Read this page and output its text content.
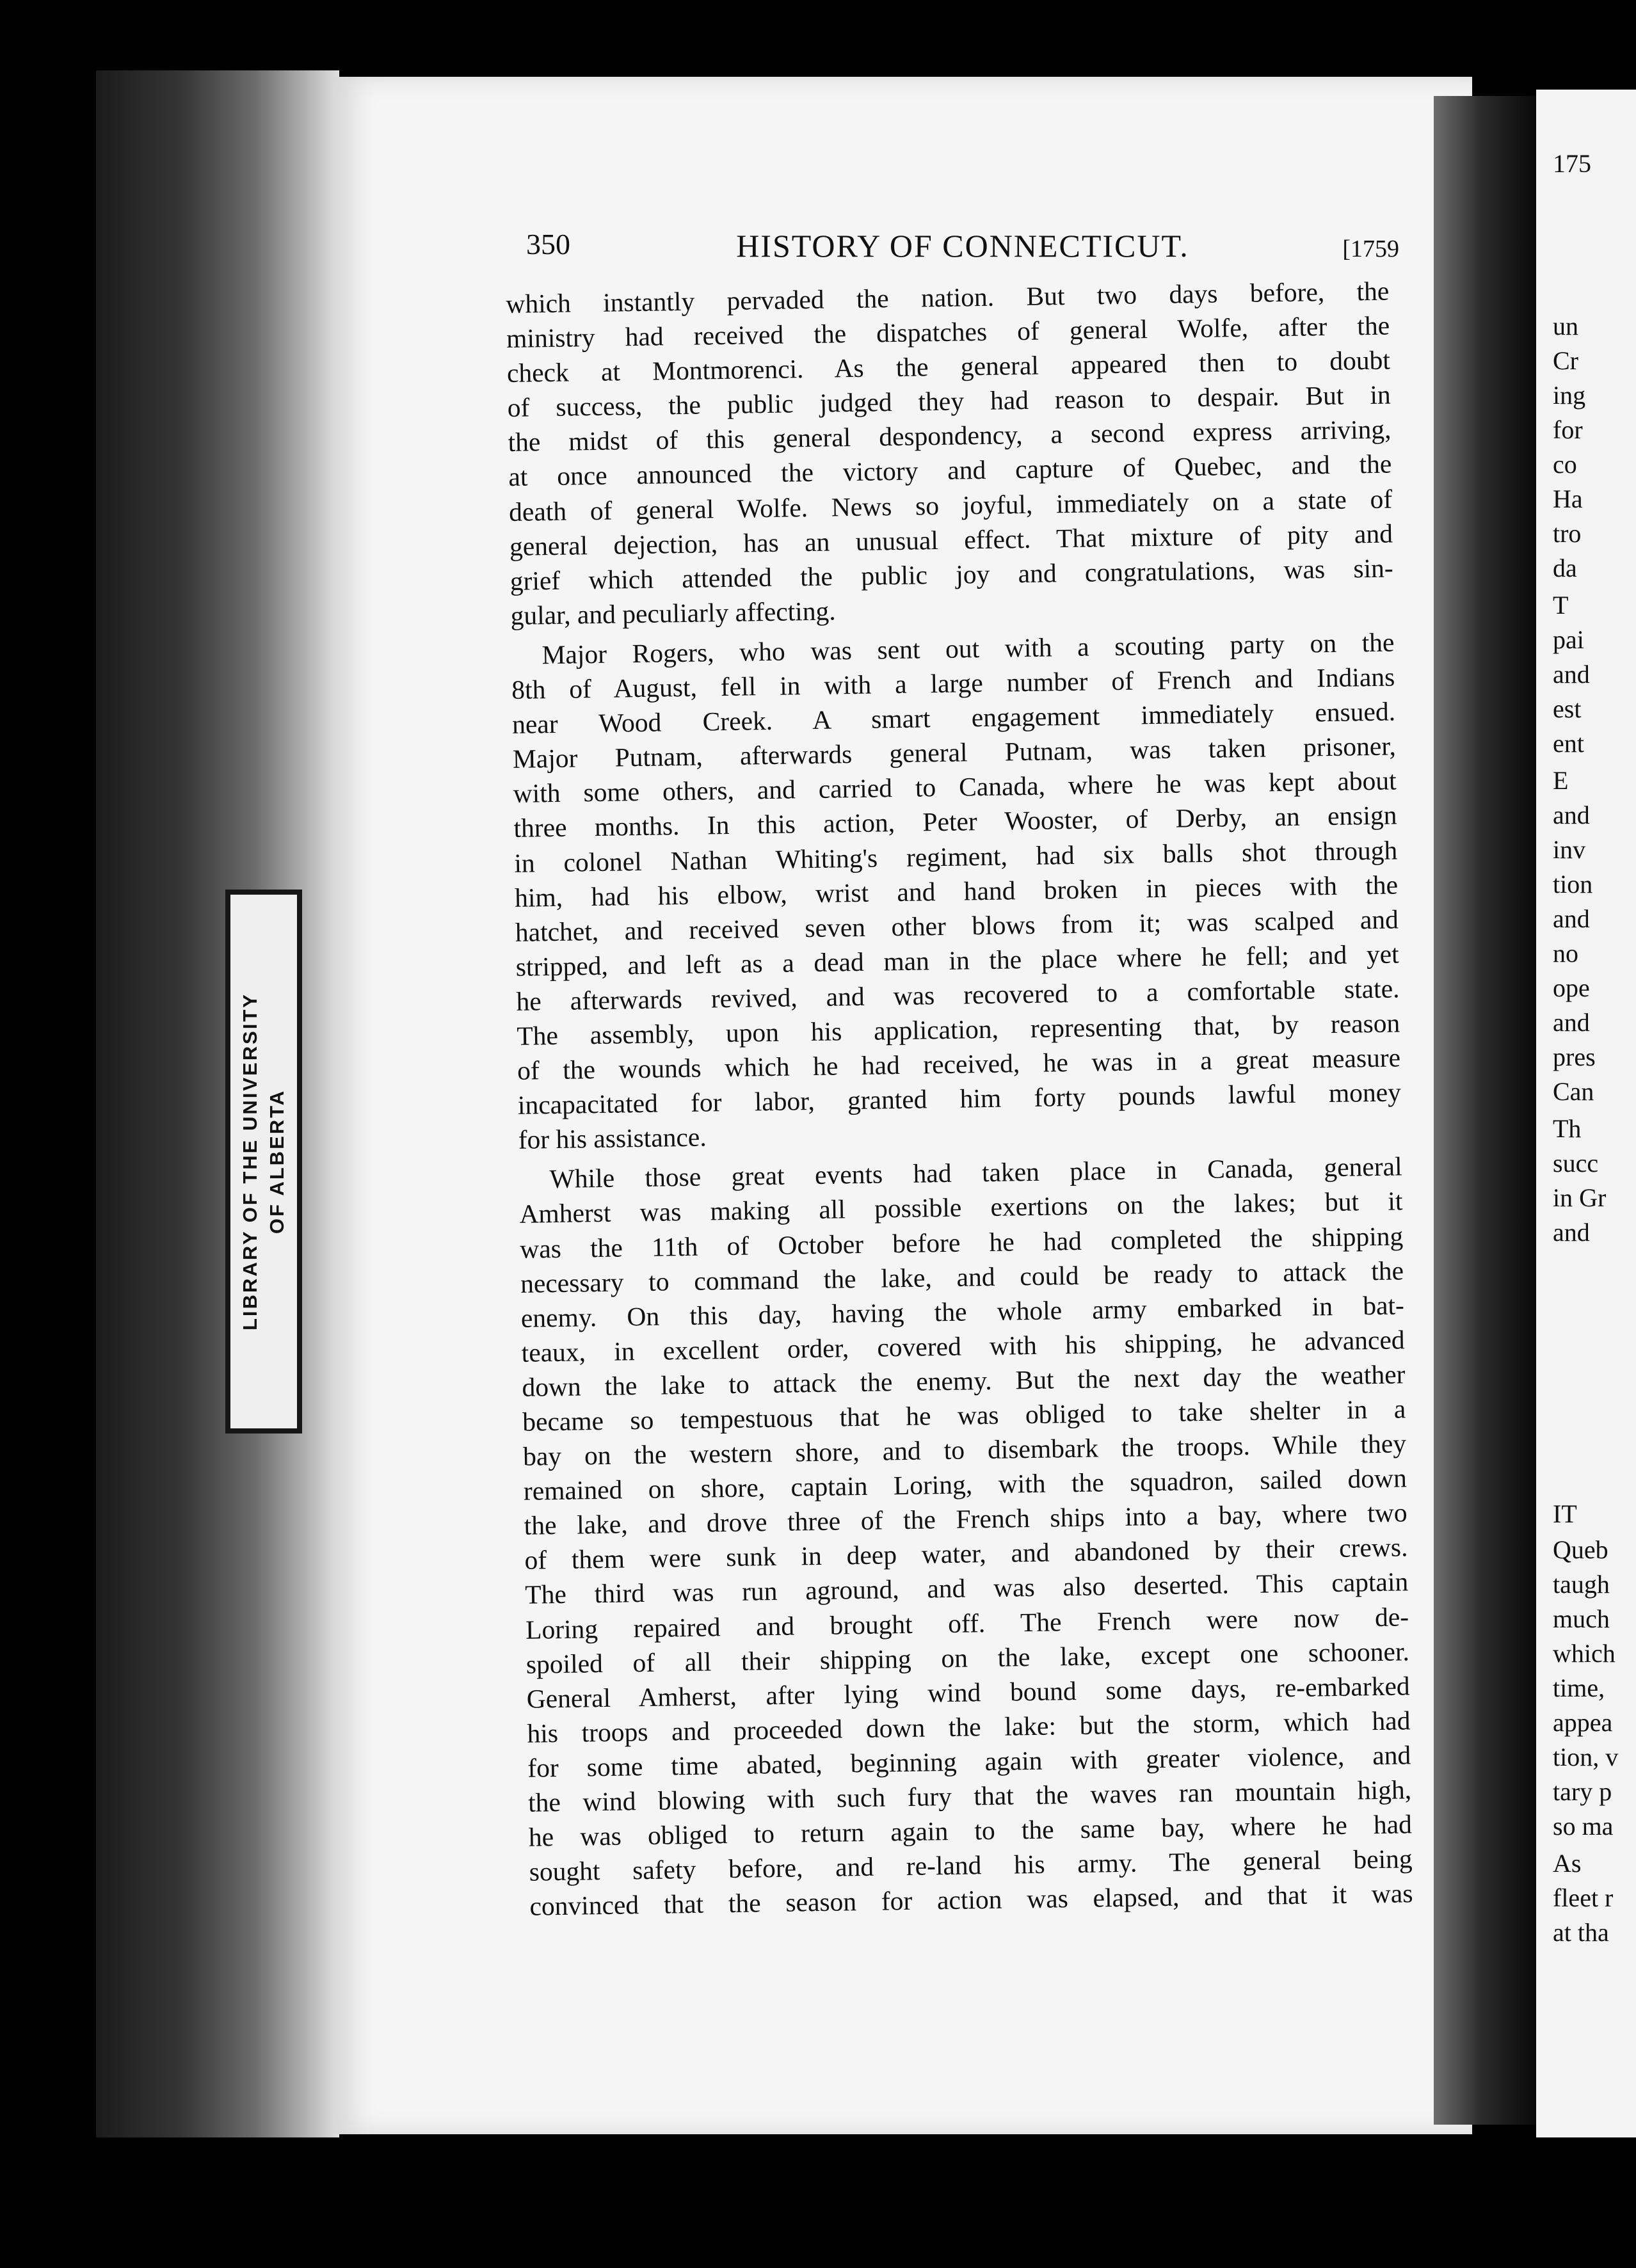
LIBRARY OF THE UNIVERSITY OF ALBERTA
175
un
Cr
ing
for
co
Ha
tro
da
T
pai
and
est
ent
E
and
inv
tion
and
no
ope
and
pres
Can
Th
succ
in Gr
and
IT
Queb
taugh
much
which
time,
appea
tion, v
tary p
so ma
As
fleet r
at tha
350	HISTORY OF CONNECTICUT.	[1759
which instantly pervaded the nation. But two days before, the
ministry had received the dispatches of general Wolfe, after the
check at Montmorenci. As the general appeared then to doubt
of success, the public judged they had reason to despair. But in
the midst of this general despondency, a second express arriving,
at once announced the victory and capture of Quebec, and the
death of general Wolfe. News so joyful, immediately on a state of
general dejection, has an unusual effect. That mixture of pity and
grief which attended the public joy and congratulations, was sin-
gular, and peculiarly affecting.
Major Rogers, who was sent out with a scouting party on the
8th of August, fell in with a large number of French and Indians
near Wood Creek. A smart engagement immediately ensued.
Major Putnam, afterwards general Putnam, was taken prisoner,
with some others, and carried to Canada, where he was kept about
three months. In this action, Peter Wooster, of Derby, an ensign
in colonel Nathan Whiting's regiment, had six balls shot through
him, had his elbow, wrist and hand broken in pieces with the
hatchet, and received seven other blows from it; was scalped and
stripped, and left as a dead man in the place where he fell; and yet
he afterwards revived, and was recovered to a comfortable state.
The assembly, upon his application, representing that, by reason
of the wounds which he had received, he was in a great measure
incapacitated for labor, granted him forty pounds lawful money
for his assistance.
While those great events had taken place in Canada, general
Amherst was making all possible exertions on the lakes; but it
was the 11th of October before he had completed the shipping
necessary to command the lake, and could be ready to attack the
enemy. On this day, having the whole army embarked in bat-
teaux, in excellent order, covered with his shipping, he advanced
down the lake to attack the enemy. But the next day the weather
became so tempestuous that he was obliged to take shelter in a
bay on the western shore, and to disembark the troops. While they
remained on shore, captain Loring, with the squadron, sailed down
the lake, and drove three of the French ships into a bay, where two
of them were sunk in deep water, and abandoned by their crews.
The third was run aground, and was also deserted. This captain
Loring repaired and brought off. The French were now de-
spoiled of all their shipping on the lake, except one schooner.
General Amherst, after lying wind bound some days, re-embarked
his troops and proceeded down the lake: but the storm, which had
for some time abated, beginning again with greater violence, and
the wind blowing with such fury that the waves ran mountain high,
he was obliged to return again to the same bay, where he had
sought safety before, and re-land his army. The general being
convinced that the season for action was elapsed, and that it was
